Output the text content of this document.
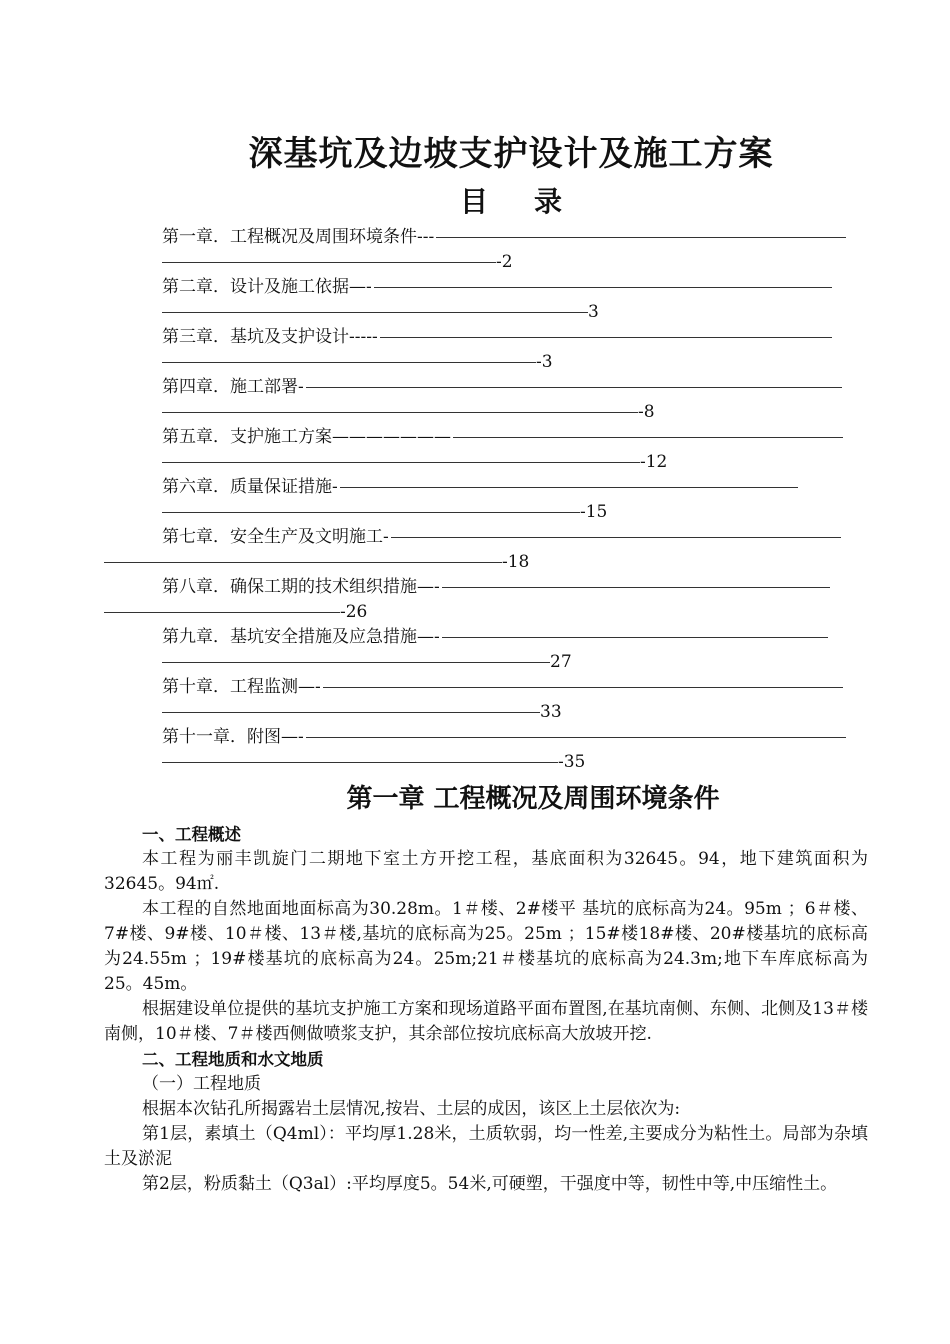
深基坑及边坡支护设计及施工方案
目 录
第一章．工程概况及周围环境条件---
-2
第二章．设计及施工依据—-
3
第三章．基坑及支护设计-----
-3
第四章．施工部署-
-8
第五章．支护施工方案———————
-12
第六章．质量保证措施-
-15
第七章．安全生产及文明施工-
-18
第八章．确保工期的技术组织措施—-
-26
第九章．基坑安全措施及应急措施—-
27
第十章．工程监测—-
33
第十一章．附图—-
-35
第一章 工程概况及周围环境条件

一、工程概述

本工程为丽丰凯旋门二期地下室土方开挖工程，基底面积为32645。94，地下建筑面积为32645。94㎡.

本工程的自然地面地面标高为30.28m。1＃楼、2#楼平 基坑的底标高为24。95m ；6＃楼、7#楼、9#楼、10＃楼、13＃楼,基坑的底标高为25。25m ；15#楼18#楼、20#楼基坑的底标高为24.55m ；19#楼基坑的底标高为24。25m;21＃楼基坑的底标高为24.3m;地下车库底标高为25。45m。

根据建设单位提供的基坑支护施工方案和现场道路平面布置图,在基坑南侧、东侧、北侧及13＃楼南侧，10＃楼、7＃楼西侧做喷浆支护，其余部位按坑底标高大放坡开挖.

二、工程地质和水文地质

（一）工程地质

根据本次钻孔所揭露岩土层情况,按岩、土层的成因，该区上土层依次为:

第1层，素填土（Q4ml）：平均厚1.28米，土质软弱，均一性差,主要成分为粘性土。局部为杂填土及淤泥

第2层，粉质黏土（Q3al）:平均厚度5。54米,可硬塑，干强度中等，韧性中等,中压缩性土。
